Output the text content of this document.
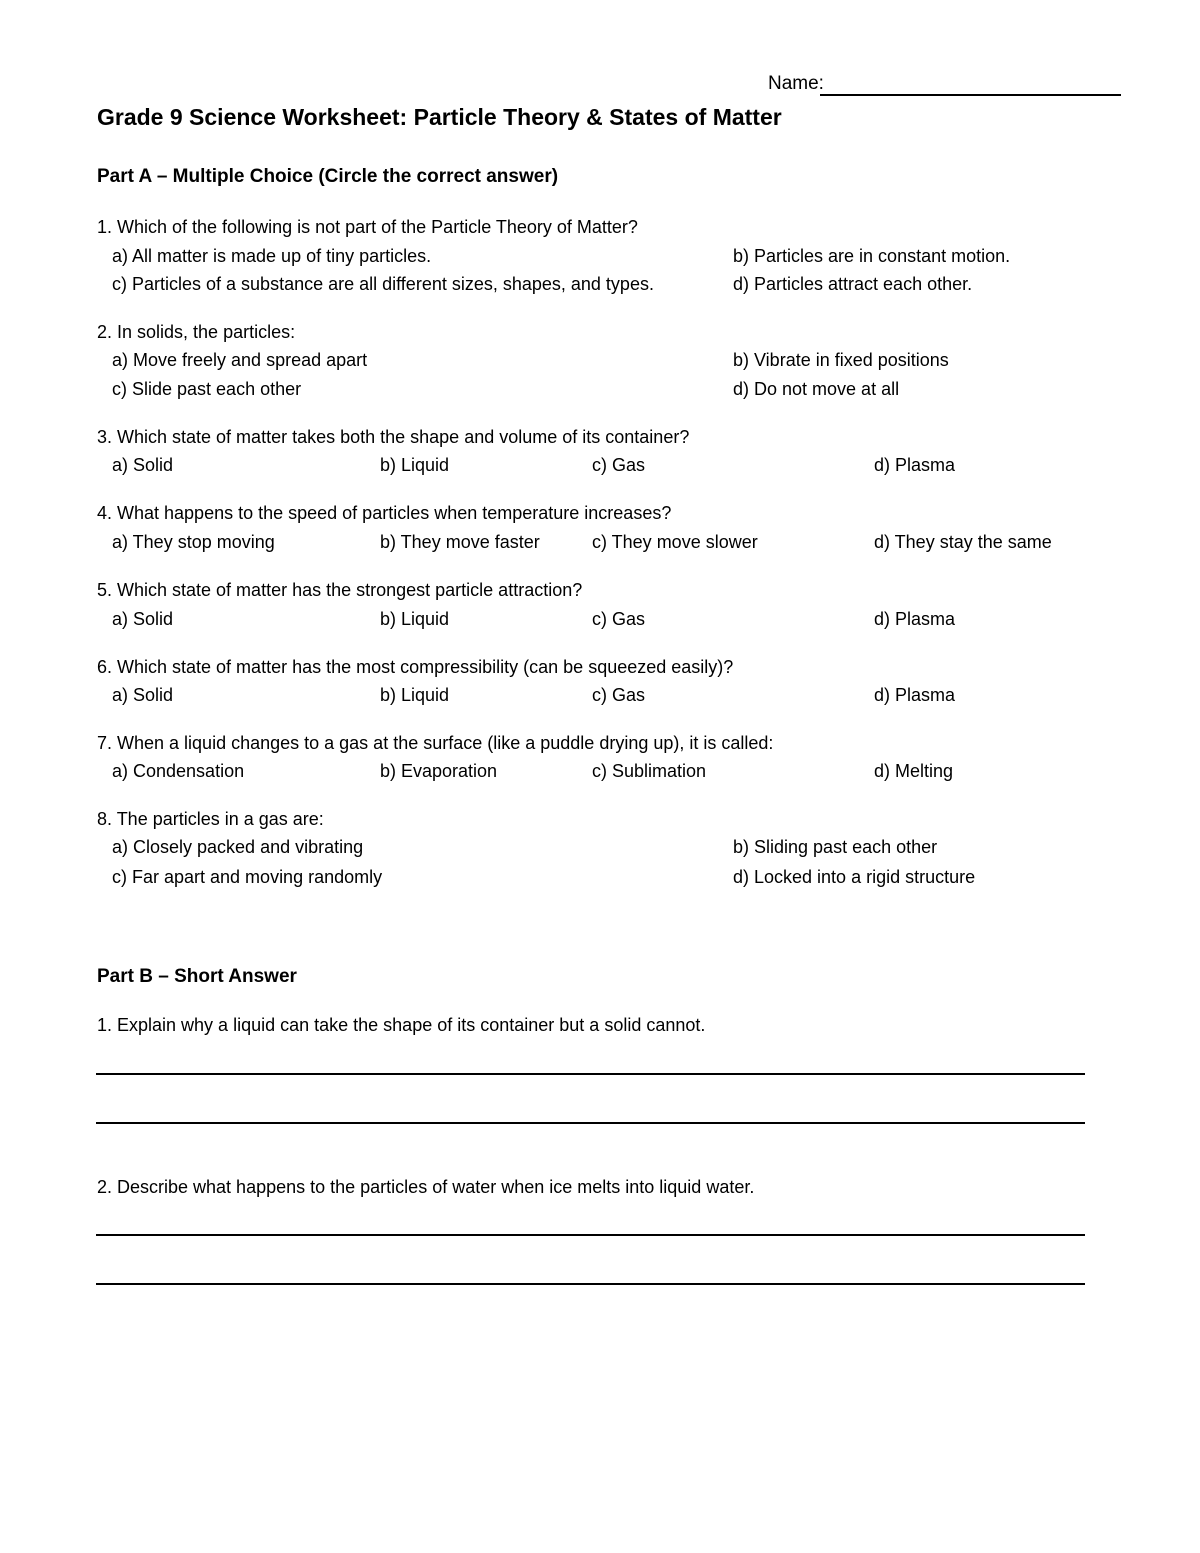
Name:
Grade 9 Science Worksheet: Particle Theory & States of Matter
Part A – Multiple Choice (Circle the correct answer)
1. Which of the following is not part of the Particle Theory of Matter?
a) All matter is made up of tiny particles.	b) Particles are in constant motion.
c) Particles of a substance are all different sizes, shapes, and types.	d) Particles attract each other.
2. In solids, the particles:
a) Move freely and spread apart	b) Vibrate in fixed positions
c) Slide past each other	d) Do not move at all
3. Which state of matter takes both the shape and volume of its container?
a) Solid	b) Liquid	c) Gas	d) Plasma
4. What happens to the speed of particles when temperature increases?
a) They stop moving	b) They move faster	c) They move slower	d) They stay the same
5. Which state of matter has the strongest particle attraction?
a) Solid	b) Liquid	c) Gas	d) Plasma
6. Which state of matter has the most compressibility (can be squeezed easily)?
a) Solid	b) Liquid	c) Gas	d) Plasma
7. When a liquid changes to a gas at the surface (like a puddle drying up), it is called:
a) Condensation	b) Evaporation	c) Sublimation	d) Melting
8. The particles in a gas are:
a) Closely packed and vibrating	b) Sliding past each other
c) Far apart and moving randomly	d) Locked into a rigid structure
Part B – Short Answer
1. Explain why a liquid can take the shape of its container but a solid cannot.
2. Describe what happens to the particles of water when ice melts into liquid water.
